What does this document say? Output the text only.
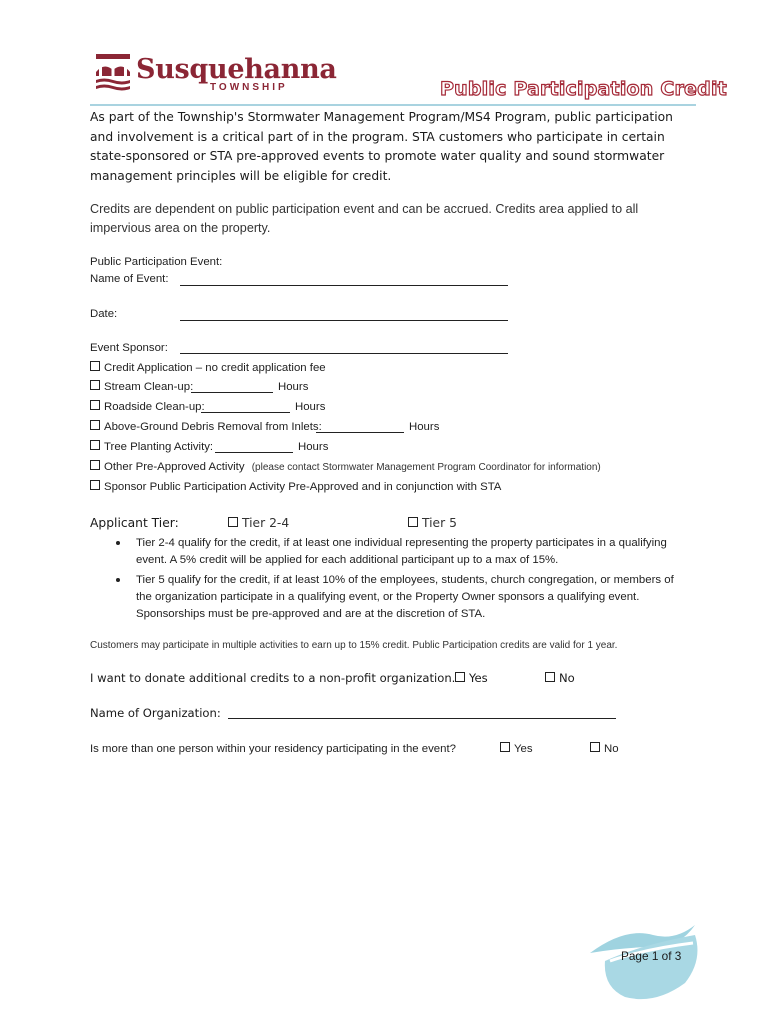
Susquehanna
TOWNSHIP	Public Participation Credit
As part of the Township's Stormwater Management Program/MS4 Program, public participation and involvement is a critical part of in the program. STA customers who participate in certain state-sponsored or STA pre-approved events to promote water quality and sound stormwater management principles will be eligible for credit.
Credits are dependent on public participation event and can be accrued. Credits area applied to all impervious area on the property.
Public Participation Event:
Name of Event:
Date:
Event Sponsor:
Credit Application – no credit application fee
Stream Clean-up:	Hours
Roadside Clean-up:	Hours
Above-Ground Debris Removal from Inlets:	Hours
Tree Planting Activity:	Hours
Other Pre-Approved Activity (please contact Stormwater Management Program Coordinator for information)
Sponsor Public Participation Activity Pre-Approved and in conjunction with STA
Applicant Tier:	Tier 2-4	Tier 5
Tier 2-4 qualify for the credit, if at least one individual representing the property participates in a qualifying event. A 5% credit will be applied for each additional participant up to a max of 15%.
Tier 5 qualify for the credit, if at least 10% of the employees, students, church congregation, or members of the organization participate in a qualifying event, or the Property Owner sponsors a qualifying event. Sponsorships must be pre-approved and are at the discretion of STA.
Customers may participate in multiple activities to earn up to 15% credit. Public Participation credits are valid for 1 year.
I want to donate additional credits to a non-profit organization.	Yes	No
Name of Organization:
Is more than one person within your residency participating in the event?	Yes	No
Page 1 of 3
